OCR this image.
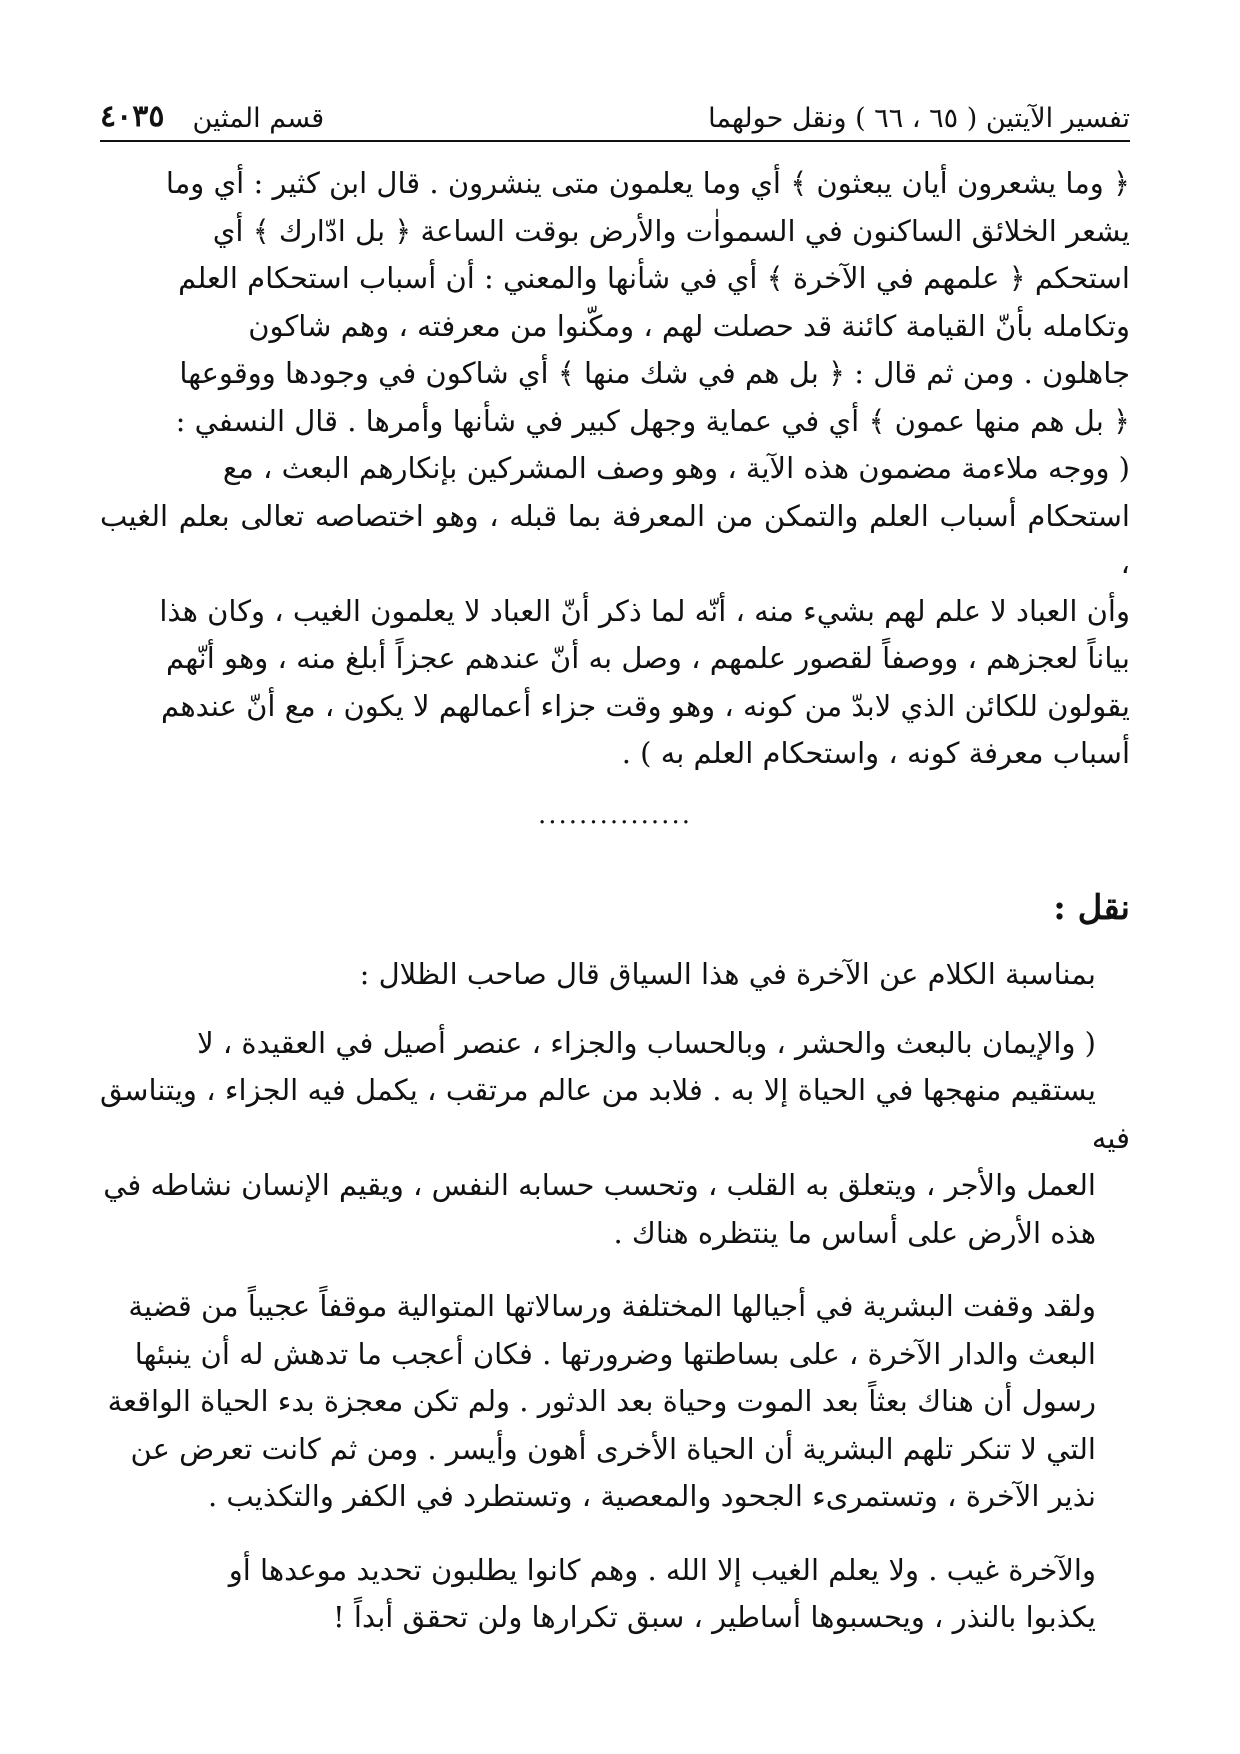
تفسير الآيتين ( ٦٥ ، ٦٦ ) ونقل حولهما
قسم المثين
٤٠٣٥

﴿ وما يشعرون أيان يبعثون ﴾ أي وما يعلمون متى ينشرون . قال ابن كثير : أي وما
يشعر الخلائق الساكنون في السمواٰت والأرض بوقت الساعة ﴿ بل ادّارك ﴾ أي
استحكم ﴿ علمهم في الآخرة ﴾ أي في شأنها والمعني : أن أسباب استحكام العلم
وتكامله بأنّ القيامة كائنة قد حصلت لهم ، ومكّنوا من معرفته ، وهم شاكون
جاهلون . ومن ثم قال : ﴿ بل هم في شك منها ﴾ أي شاكون في وجودها ووقوعها
﴿ بل هم منها عمون ﴾ أي في عماية وجهل كبير في شأنها وأمرها . قال النسفي :
( ووجه ملاءمة مضمون هذه الآية ، وهو وصف المشركين بإنكارهم البعث ، مع
استحكام أسباب العلم والتمكن من المعرفة بما قبله ، وهو اختصاصه تعالى بعلم الغيب ،
وأن العباد لا علم لهم بشيء منه ، أنّه لما ذكر أنّ العباد لا يعلمون الغيب ، وكان هذا
بياناً لعجزهم ، ووصفاً لقصور علمهم ، وصل به أنّ عندهم عجزاً أبلغ منه ، وهو أنّهم
يقولون للكائن الذي لابدّ من كونه ، وهو وقت جزاء أعمالهم لا يكون ، مع أنّ عندهم
أسباب معرفة كونه ، واستحكام العلم به ) .

...............
نقل :

بمناسبة الكلام عن الآخرة في هذا السياق قال صاحب الظلال :

( والإيمان بالبعث والحشر ، وبالحساب والجزاء ، عنصر أصيل في العقيدة ، لا
يستقيم منهجها في الحياة إلا به . فلابد من عالم مرتقب ، يكمل فيه الجزاء ، ويتناسق فيه
العمل والأجر ، ويتعلق به القلب ، وتحسب حسابه النفس ، ويقيم الإنسان نشاطه في
هذه الأرض على أساس ما ينتظره هناك .

ولقد وقفت البشرية في أجيالها المختلفة ورسالاتها المتوالية موقفاً عجيباً من قضية
البعث والدار الآخرة ، على بساطتها وضرورتها . فكان أعجب ما تدهش له أن ينبئها
رسول أن هناك بعثاً بعد الموت وحياة بعد الدثور . ولم تكن معجزة بدء الحياة الواقعة
التي لا تنكر تلهم البشرية أن الحياة الأخرى أهون وأيسر . ومن ثم كانت تعرض عن
نذير الآخرة ، وتستمرىء الجحود والمعصية ، وتستطرد في الكفر والتكذيب .

والآخرة غيب . ولا يعلم الغيب إلا الله . وهم كانوا يطلبون تحديد موعدها أو
يكذبوا بالنذر ، ويحسبوها أساطير ، سبق تكرارها ولن تحقق أبداً !
